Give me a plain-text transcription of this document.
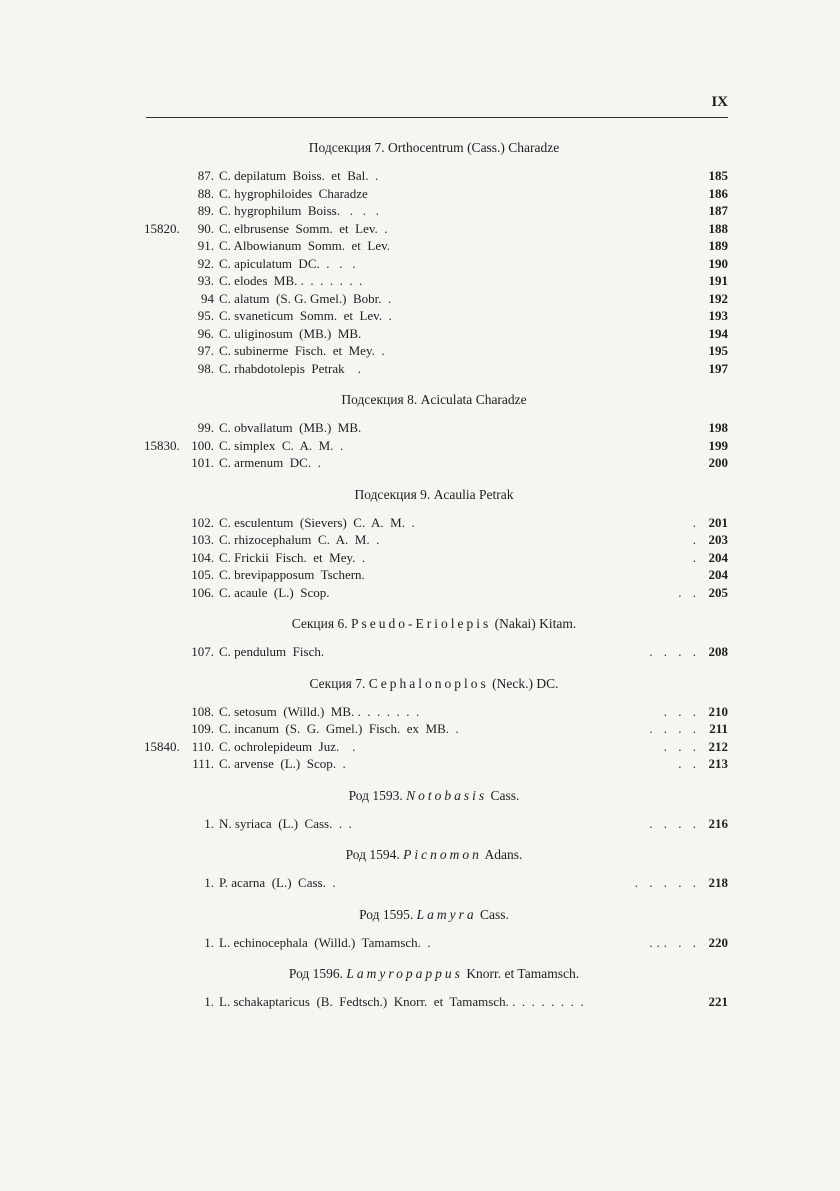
IX
Подсекция 7. Orthocentrum (Cass.) Charadze
87. C. depilatum  Boiss.  et  Bal.  .	185
88. C. hygrophiloides  Charadze	186
89. C. hygrophilum  Boiss.   .   .   .	187
15820. 90. C. elbrusense  Somm.  et  Lev.  .	188
91. C. Albowianum  Somm.  et  Lev.	189
92. C. apiculatum  DC.  .   .   .	190
93. C. elodes  MB. .  .  .  .  .  .  .	191
94 C. alatum  (S. G. Gmel.)  Bobr.  .	192
95. C. svaneticum  Somm.  et  Lev.  .	193
96. C. uliginosum  (MB.)  MB.	194
97. C. subinerme  Fisch.  et  Mey.  .	195
98. C. rhabdotolepis  Petrak    .	197
Подсекция 8. Aciculata Charadze
99. C. obvallatum  (MB.)  MB.	198
15830. 100. C. simplex  C.  A.  M.  .	199
101. C. armenum  DC.  .	200
Подсекция 9. Acaulia Petrak
102. C. esculentum  (Sievers)  C.  A.  M.  .	. 201
103. C. rhizocephalum  C.  A.  M.  .	. 203
104. C. Frickii  Fisch.  et  Mey.  .	. 204
105. C. brevipapposum  Tschern.	204
106. C. acaule  (L.)  Scop.	. . 205
Секция 6. Pseudo-Eriolepis (Nakai) Kitam.
107. C. pendulum  Fisch.	. . . . 208
Секция 7. Cephalonoplos (Neck.) DC.
108. C. setosum  (Willd.)  MB. .  .  .  .  .  .  .	. . . 210
109. C. incanum  (S.  G.  Gmel.)  Fisch.  ex  MB.  .	. . . . 211
15840. 110. C. ochrolepideum  Juz.    .	. . . 212
111. C. arvense  (L.)  Scop.  .	. . 213
Род 1593. Notobasis Cass.
1. N. syriaca  (L.)  Cass.  .  .	. . . . 216
Род 1594. Picnomon Adans.
1. P. acarna  (L.)  Cass.  .	. . . . . 218
Род 1595. Lamyra Cass.
1. L. echinocephala  (Willd.)  Tamamsch.  .	... . . 220
Род 1596. Lamyropappus Knorr. et Tamamsch.
1. L. schakaptaricus  (B.  Fedtsch.)  Knorr.  et  Tamamsch. .  .  .  .  .  .  .  .	221
